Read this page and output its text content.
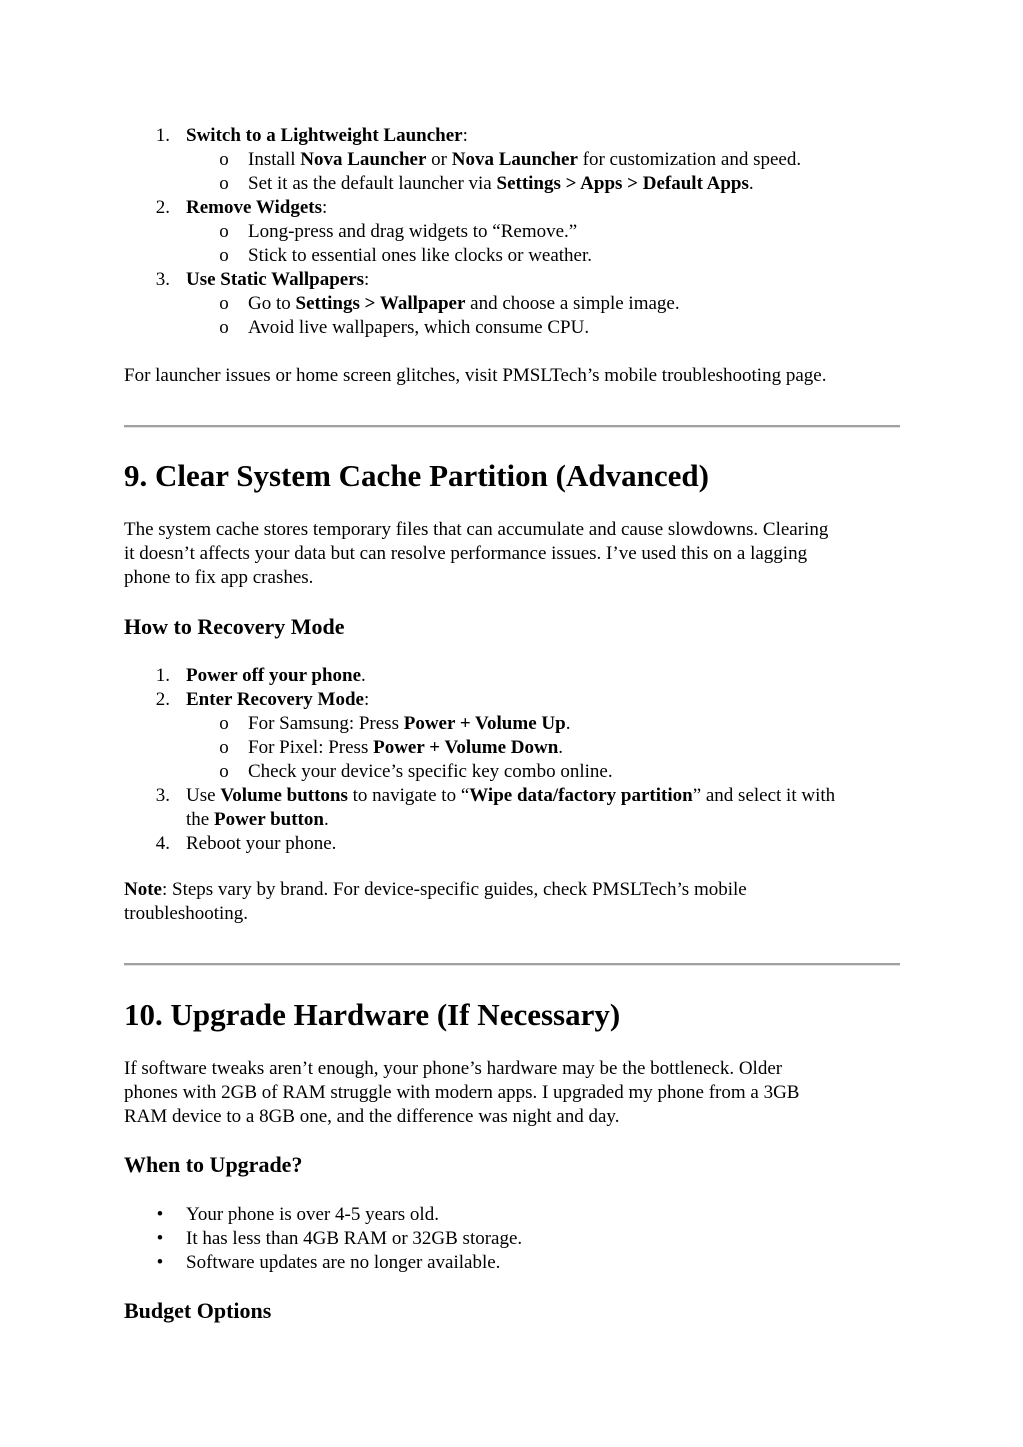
1. Switch to a Lightweight Launcher:
o Install Nova Launcher or Nova Launcher for customization and speed.
o Set it as the default launcher via Settings > Apps > Default Apps.
2. Remove Widgets:
o Long-press and drag widgets to “Remove.”
o Stick to essential ones like clocks or weather.
3. Use Static Wallpapers:
o Go to Settings > Wallpaper and choose a simple image.
o Avoid live wallpapers, which consume CPU.
For launcher issues or home screen glitches, visit PMSLTech’s mobile troubleshooting page.
9. Clear System Cache Partition (Advanced)
The system cache stores temporary files that can accumulate and cause slowdowns. Clearing
it doesn’t affects your data but can resolve performance issues. I’ve used this on a lagging
phone to fix app crashes.
How to Recovery Mode
1. Power off your phone.
2. Enter Recovery Mode:
o For Samsung: Press Power + Volume Up.
o For Pixel: Press Power + Volume Down.
o Check your device’s specific key combo online.
3. Use Volume buttons to navigate to “Wipe data/factory partition” and select it with
the Power button.
4. Reboot your phone.
Note: Steps vary by brand. For device-specific guides, check PMSLTech’s mobile
troubleshooting.
10. Upgrade Hardware (If Necessary)
If software tweaks aren’t enough, your phone’s hardware may be the bottleneck. Older
phones with 2GB of RAM struggle with modern apps. I upgraded my phone from a 3GB
RAM device to a 8GB one, and the difference was night and day.
When to Upgrade?
•	Your phone is over 4-5 years old.
•	It has less than 4GB RAM or 32GB storage.
•	Software updates are no longer available.
Budget Options
